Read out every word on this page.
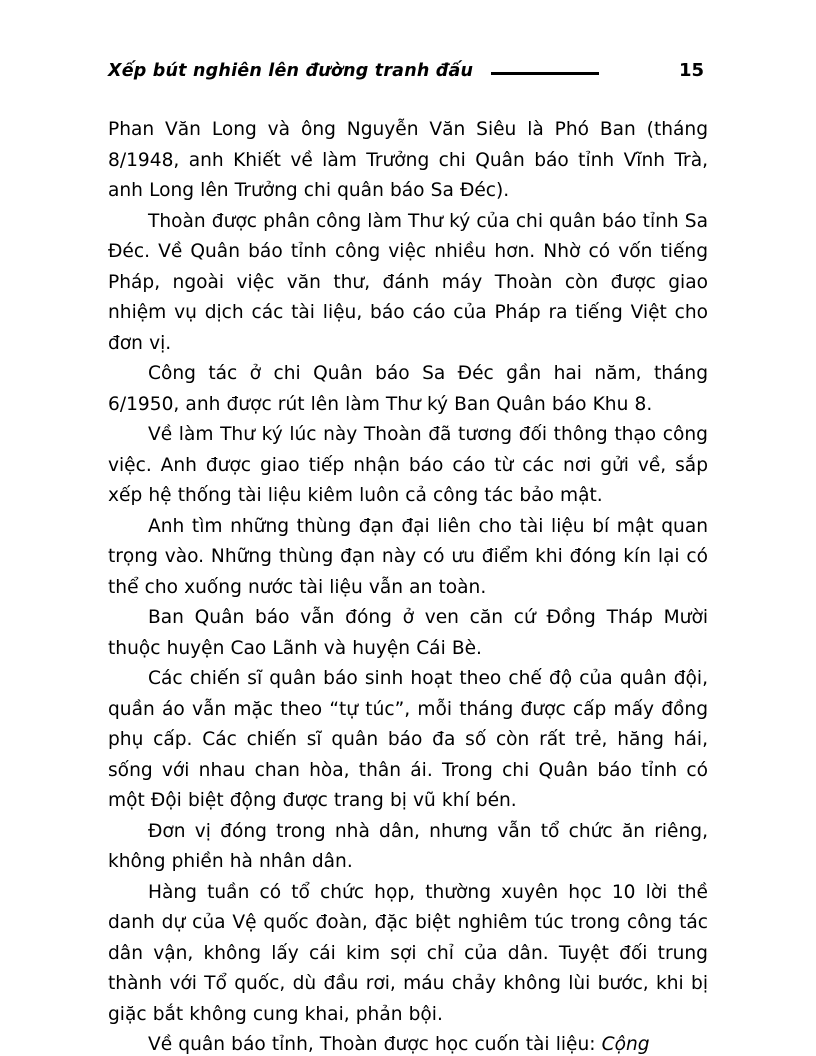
Xếp bút nghiên lên đường tranh đấu	15

Phan Văn Long và ông Nguyễn Văn Siêu là Phó Ban (tháng 8/1948, anh Khiết về làm Trưởng chi Quân báo tỉnh Vĩnh Trà, anh Long lên Trưởng chi quân báo Sa Đéc).

Thoàn được phân công làm Thư ký của chi quân báo tỉnh Sa Đéc. Về Quân báo tỉnh công việc nhiều hơn. Nhờ có vốn tiếng Pháp, ngoài việc văn thư, đánh máy Thoàn còn được giao nhiệm vụ dịch các tài liệu, báo cáo của Pháp ra tiếng Việt cho đơn vị.

Công tác ở chi Quân báo Sa Đéc gần hai năm, tháng 6/1950, anh được rút lên làm Thư ký Ban Quân báo Khu 8.

Về làm Thư ký lúc này Thoàn đã tương đối thông thạo công việc. Anh được giao tiếp nhận báo cáo từ các nơi gửi về, sắp xếp hệ thống tài liệu kiêm luôn cả công tác bảo mật.

Anh tìm những thùng đạn đại liên cho tài liệu bí mật quan trọng vào. Những thùng đạn này có ưu điểm khi đóng kín lại có thể cho xuống nước tài liệu vẫn an toàn.

Ban Quân báo vẫn đóng ở ven căn cứ Đồng Tháp Mười thuộc huyện Cao Lãnh và huyện Cái Bè.

Các chiến sĩ quân báo sinh hoạt theo chế độ của quân đội, quần áo vẫn mặc theo “tự túc”, mỗi tháng được cấp mấy đồng phụ cấp. Các chiến sĩ quân báo đa số còn rất trẻ, hăng hái, sống với nhau chan hòa, thân ái. Trong chi Quân báo tỉnh có một Đội biệt động được trang bị vũ khí bén.

Đơn vị đóng trong nhà dân, nhưng vẫn tổ chức ăn riêng, không phiền hà nhân dân.

Hàng tuần có tổ chức họp, thường xuyên học 10 lời thề danh dự của Vệ quốc đoàn, đặc biệt nghiêm túc trong công tác dân vận, không lấy cái kim sợi chỉ của dân. Tuyệt đối trung thành với Tổ quốc, dù đầu rơi, máu chảy không lùi bước, khi bị giặc bắt không cung khai, phản bội.

Về quân báo tỉnh, Thoàn được học cuốn tài liệu: Cộng
